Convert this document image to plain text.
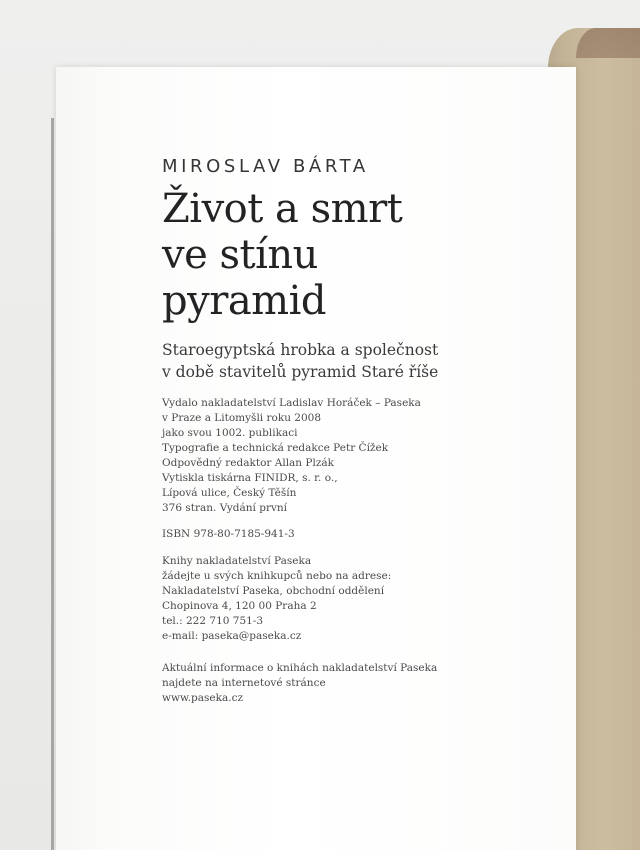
MIROSLAV BÁRTA
Život a smrt
ve stínu
pyramid
Staroegyptská hrobka a společnost
v době stavitelů pyramid Staré říše
Vydalo nakladatelství Ladislav Horáček – Paseka
v Praze a Litomyšli roku 2008
jako svou 1002. publikaci
Typografie a technická redakce Petr Čížek
Odpovědný redaktor Allan Plzák
Vytiskla tiskárna FINIDR, s. r. o.,
Lípová ulice, Český Těšín
376 stran. Vydání první
ISBN 978-80-7185-941-3
Knihy nakladatelství Paseka
žádejte u svých knihkupců nebo na adrese:
Nakladatelství Paseka, obchodní oddělení
Chopinova 4, 120 00 Praha 2
tel.: 222 710 751-3
e-mail: paseka@paseka.cz
Aktuální informace o knihách nakladatelství Paseka
najdete na internetové stránce
www.paseka.cz
